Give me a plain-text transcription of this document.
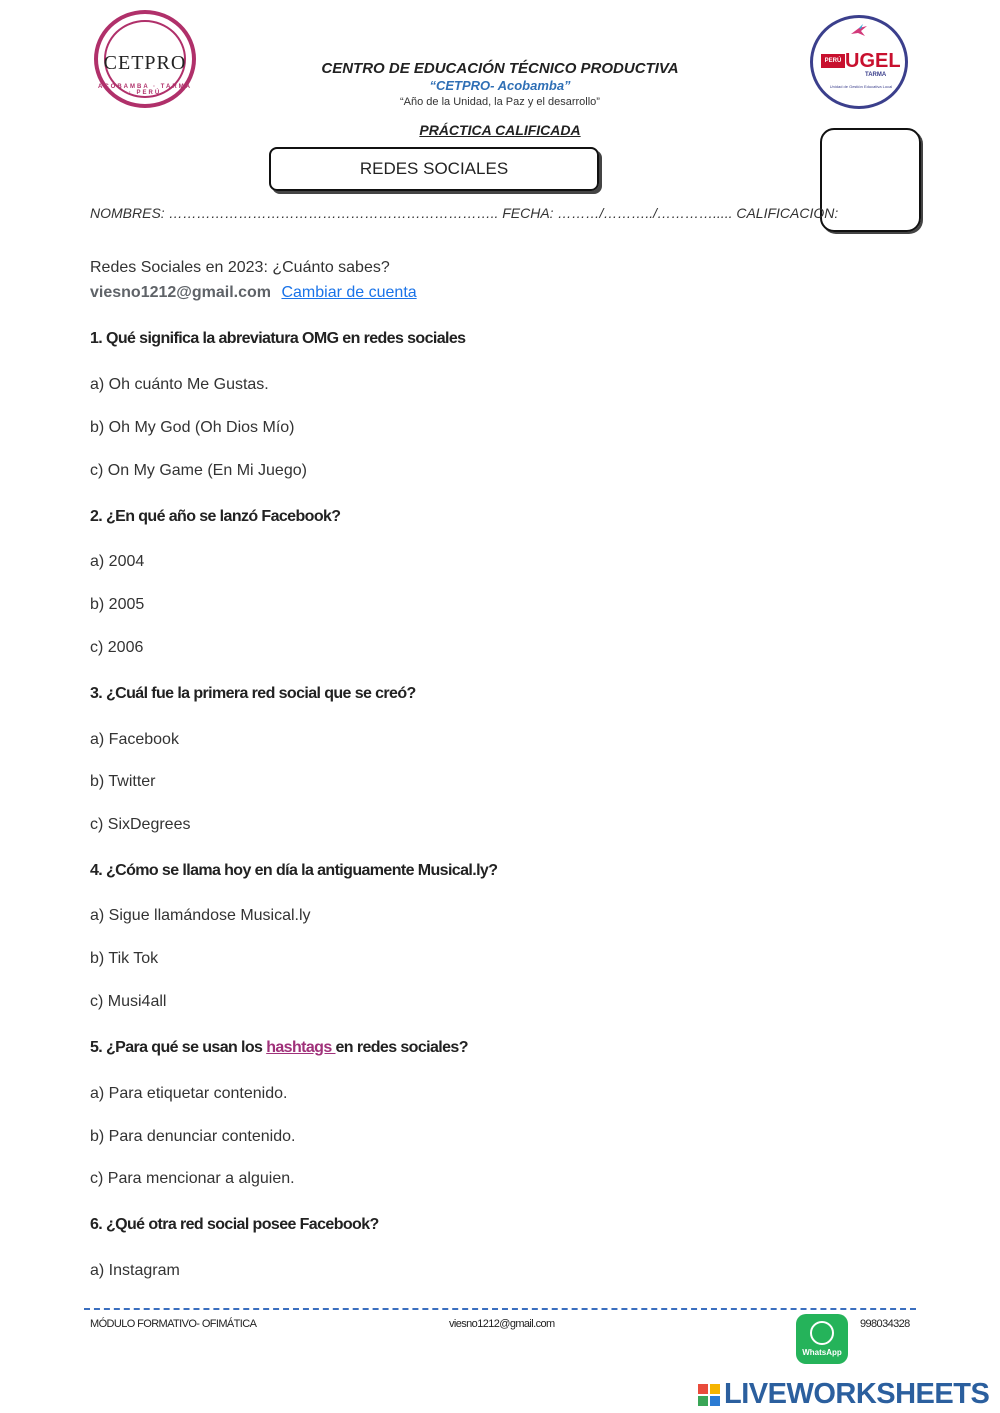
CETPRO
ACOBAMBA · TARMA · PERÚ
PERÚ UGEL
TARMA
Unidad de Gestión Educativa Local
CENTRO DE EDUCACIÓN TÉCNICO PRODUCTIVA
“CETPRO- Acobamba”
“Año de la Unidad, la Paz y el desarrollo”
PRÁCTICA CALIFICADA
REDES SOCIALES
NOMBRES: …………………………………………………………….. FECHA: ………/………../…………..... CALIFICACION:
Redes Sociales en 2023: ¿Cuánto sabes?
viesno1212@gmail.com Cambiar de cuenta
1. Qué significa la abreviatura OMG en redes sociales
a) Oh cuánto Me Gustas.
b) Oh My God (Oh Dios Mío)
c) On My Game (En Mi Juego)
2. ¿En qué año se lanzó Facebook?
a) 2004
b) 2005
c) 2006
3. ¿Cuál fue la primera red social que se creó?
a) Facebook
b) Twitter
c) SixDegrees
4. ¿Cómo se llama hoy en día la antiguamente Musical.ly?
a) Sigue llamándose Musical.ly
b) Tik Tok
c) Musi4all
5. ¿Para qué se usan los hashtags en redes sociales?
a) Para etiquetar contenido.
b) Para denunciar contenido.
c) Para mencionar a alguien.
6. ¿Qué otra red social posee Facebook?
a) Instagram
MÓDULO FORMATIVO- OFIMÁTICA	viesno1212@gmail.com
WhatsApp
998034328
LIVEWORKSHEETS
